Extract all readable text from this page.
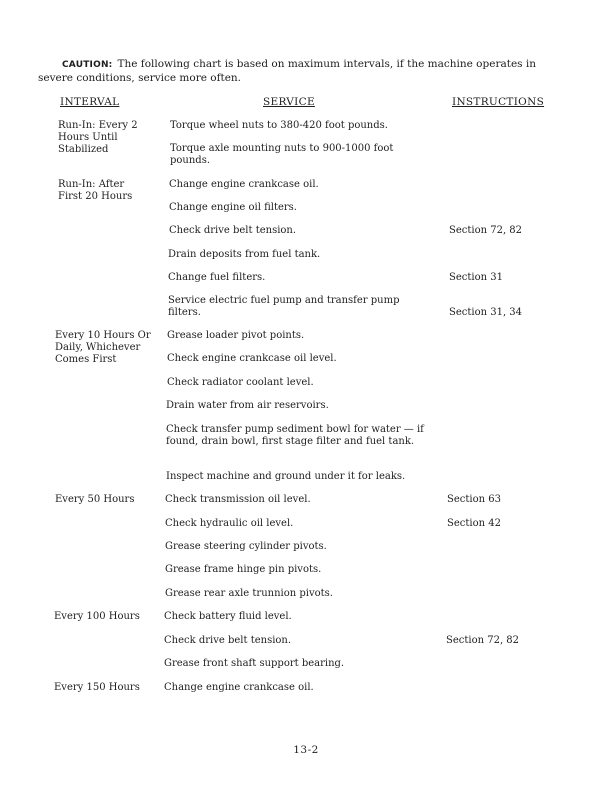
CAUTION: The following chart is based on maximum intervals, if the machine operates in severe conditions, service more often.
INTERVAL	SERVICE	INSTRUCTIONS
Run-In: Every 2 Hours Until Stabilized
Run-In: After First 20 Hours
Every 10 Hours Or Daily, Whichever Comes First
Every 50 Hours
Every 100 Hours
Every 150 Hours
Torque wheel nuts to 380-420 foot pounds.
Torque axle mounting nuts to 900-1000 foot pounds.
Change engine crankcase oil.
Change engine oil filters.
Check drive belt tension.
Drain deposits from fuel tank.
Change fuel filters.
Service electric fuel pump and transfer pump filters.
Grease loader pivot points.
Check engine crankcase oil level.
Check radiator coolant level.
Drain water from air reservoirs.
Check transfer pump sediment bowl for water — if found, drain bowl, first stage filter and fuel tank.
Inspect machine and ground under it for leaks.
Check transmission oil level.
Check hydraulic oil level.
Grease steering cylinder pivots.
Grease frame hinge pin pivots.
Grease rear axle trunnion pivots.
Check battery fluid level.
Check drive belt tension.
Grease front shaft support bearing.
Change engine crankcase oil.
Section 72, 82
Section 31
Section 31, 34
Section 63
Section 42
Section 72, 82
13-2
